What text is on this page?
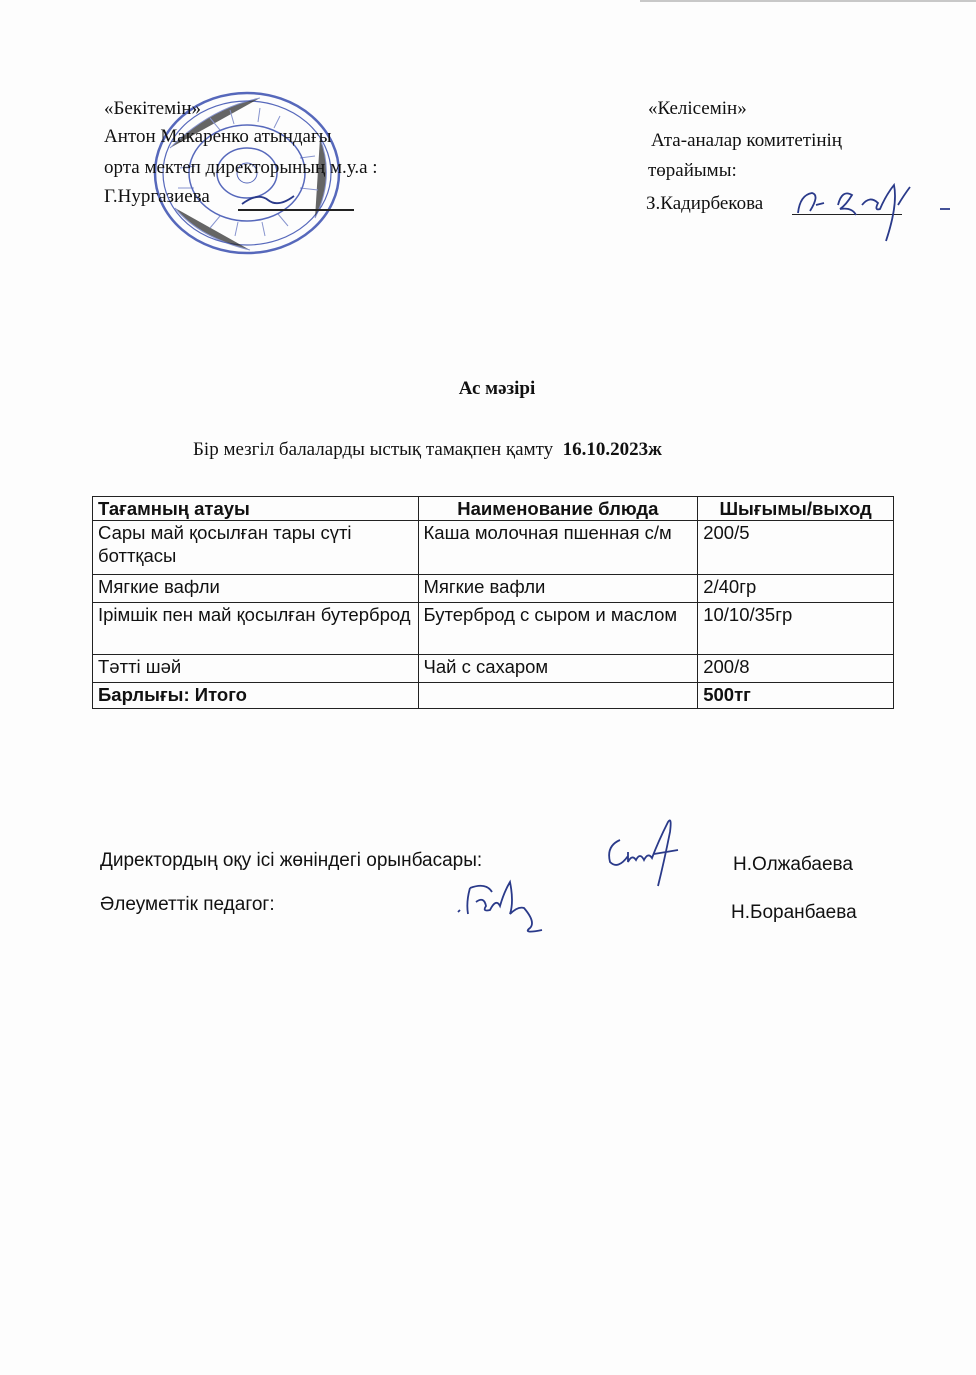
«Бекітемін»
Антон Макаренко атындағы
орта мектеп директорының м.у.а :
Г.Нургазиева
«Келісемін»
Ата-аналар комитетінің
төрайымы:
З.Кадирбекова
Ас мәзірі
Бір мезгіл балаларды ыстық тамақпен қамту 16.10.2023ж
Тағамның атауы	Наименование блюда	Шығымы/выход
Сары май қосылған тары сүті боттқасы	Каша молочная пшенная с/м	200/5
Мягкие вафли	Мягкие вафли	2/40гр
Ірімшік пен май қосылған бутерброд	Бутерброд с сыром и маслом	10/10/35гр
Тәтті шәй	Чай с сахаром	200/8
Барлығы: Итого		500тг
Директордың оқу ісі жөніндегі орынбасары:	Н.Олжабаева
Әлеуметтік педагог:	Н.Боранбаева
